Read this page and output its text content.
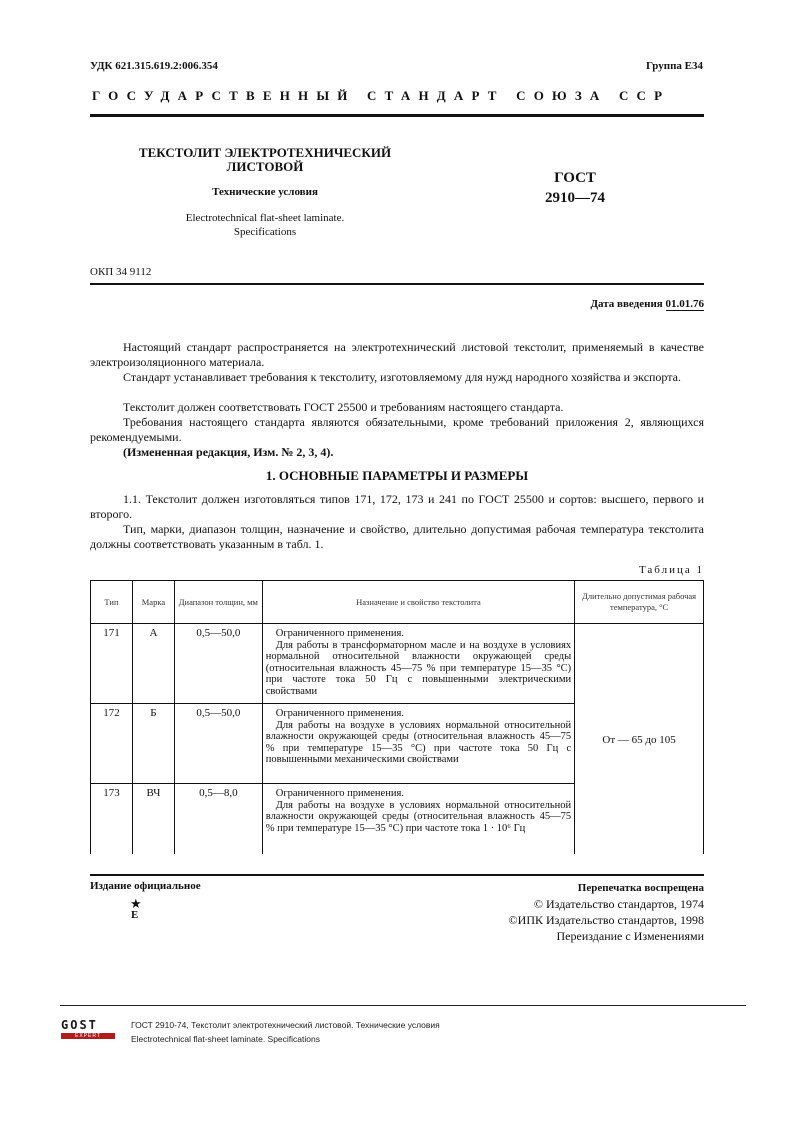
УДК 621.315.619.2:006.354	Группа Е34
ГОСУДАРСТВЕННЫЙ СТАНДАРТ СОЮЗА ССР
ТЕКСТОЛИТ ЭЛЕКТРОТЕХНИЧЕСКИЙ
ЛИСТОВОЙ
Технические условия
Electrotechnical flat-sheet laminate.
Specifications
ГОСТ
2910—74
ОКП 34 9112
Дата введения 01.01.76
Настоящий стандарт распространяется на электротехнический листовой текстолит, применяемый в качестве электроизоляционного материала.
Стандарт устанавливает требования к текстолиту, изготовляемому для нужд народного хозяйства и экспорта.
Текстолит должен соответствовать ГОСТ 25500 и требованиям настоящего стандарта.
Требования настоящего стандарта являются обязательными, кроме требований приложения 2, являющихся рекомендуемыми.
(Измененная редакция, Изм. № 2, 3, 4).
1. ОСНОВНЫЕ ПАРАМЕТРЫ И РАЗМЕРЫ
1.1. Текстолит должен изготовляться типов 171, 172, 173 и 241 по ГОСТ 25500 и сортов: высшего, первого и второго.
Тип, марки, диапазон толщин, назначение и свойство, длительно допустимая рабочая температура текстолита должны соответствовать указанным в табл. 1.
Таблица 1
Тип	Марка	Диапазон толщин, мм	Назначение и свойство текстолита	Длительно допустимая рабочая температура, °С
171	А	0,5—50,0	Ограниченного применения.
Для работы в трансформаторном масле и на воздухе в условиях нормальной относительной влажности окружающей среды (относительная влажность 45—75 % при температуре 15—35 °С) при частоте тока 50 Гц с повышенными электрическими свойствами	От — 65 до 105
172	Б	0,5—50,0	Ограниченного применения.
Для работы на воздухе в условиях нормальной относительной влажности окружающей среды (относительная влажность 45—75 % при температуре 15—35 °С) при частоте тока 50 Гц с повышенными механическими свойствами	

173	ВЧ	0,5—8,0	Ограниченного применения.
Для работы на воздухе в условиях нормальной относительной влажности окружающей среды (относительная влажность 45—75 % при температуре 15—35 °С) при частоте тока 1 · 10⁶ Гц	
Издание официальное
★
Е
Перепечатка воспрещена
© Издательство стандартов, 1974
©ИПК Издательство стандартов, 1998
Переиздание с Изменениями
GOST
EXPERT
ГОСТ 2910-74, Текстолит электротехнический листовой. Технические условия
Electrotechnical flat-sheet laminate. Specifications
